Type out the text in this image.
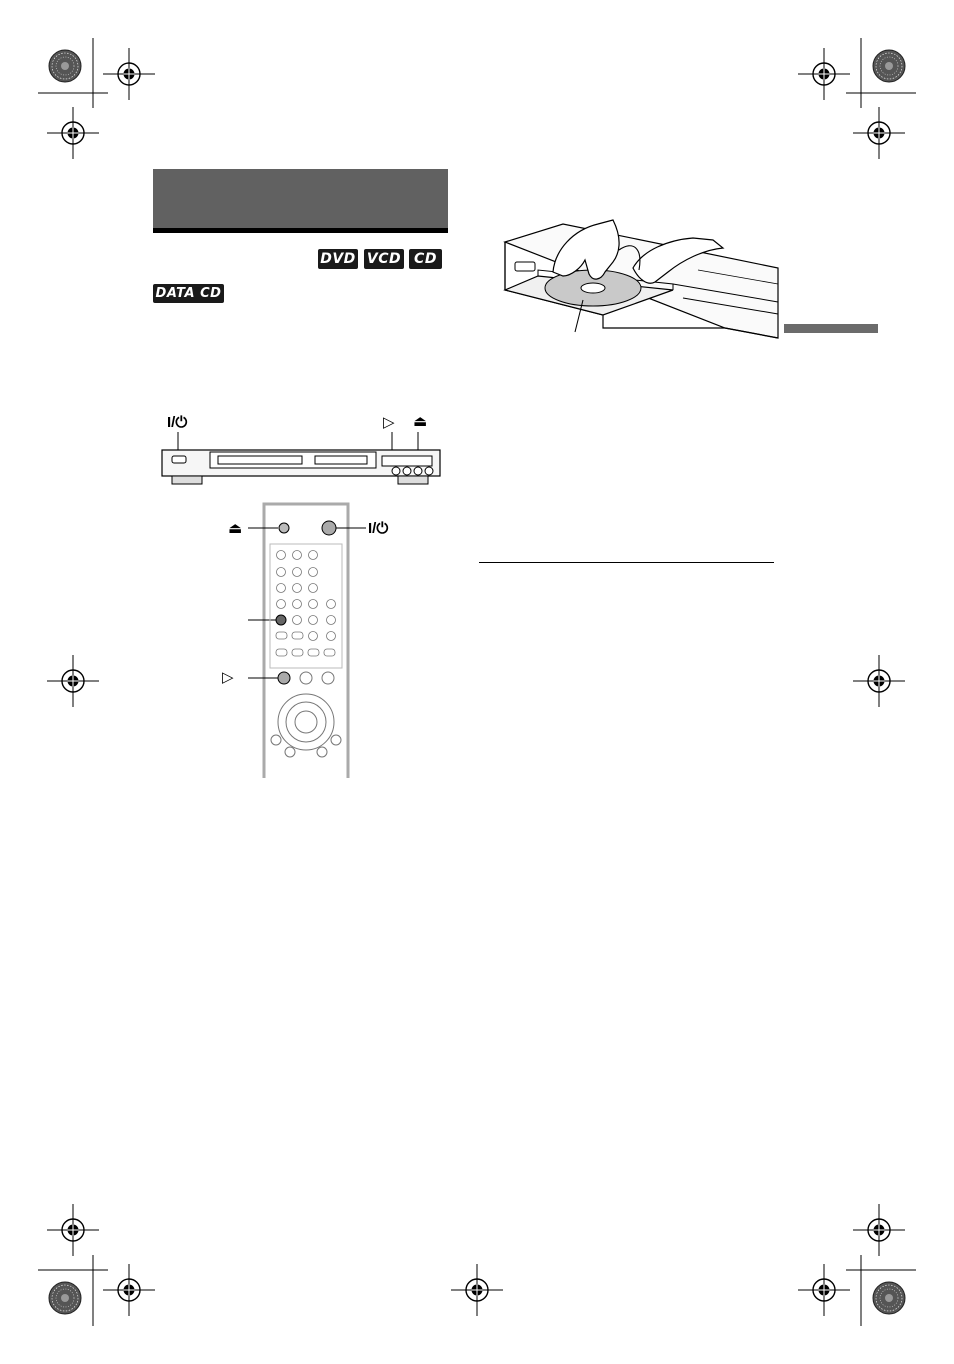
DVD VCD CD
DATA CD
I/⏻	▷ ⏏
⏏	I/⏻
▷
